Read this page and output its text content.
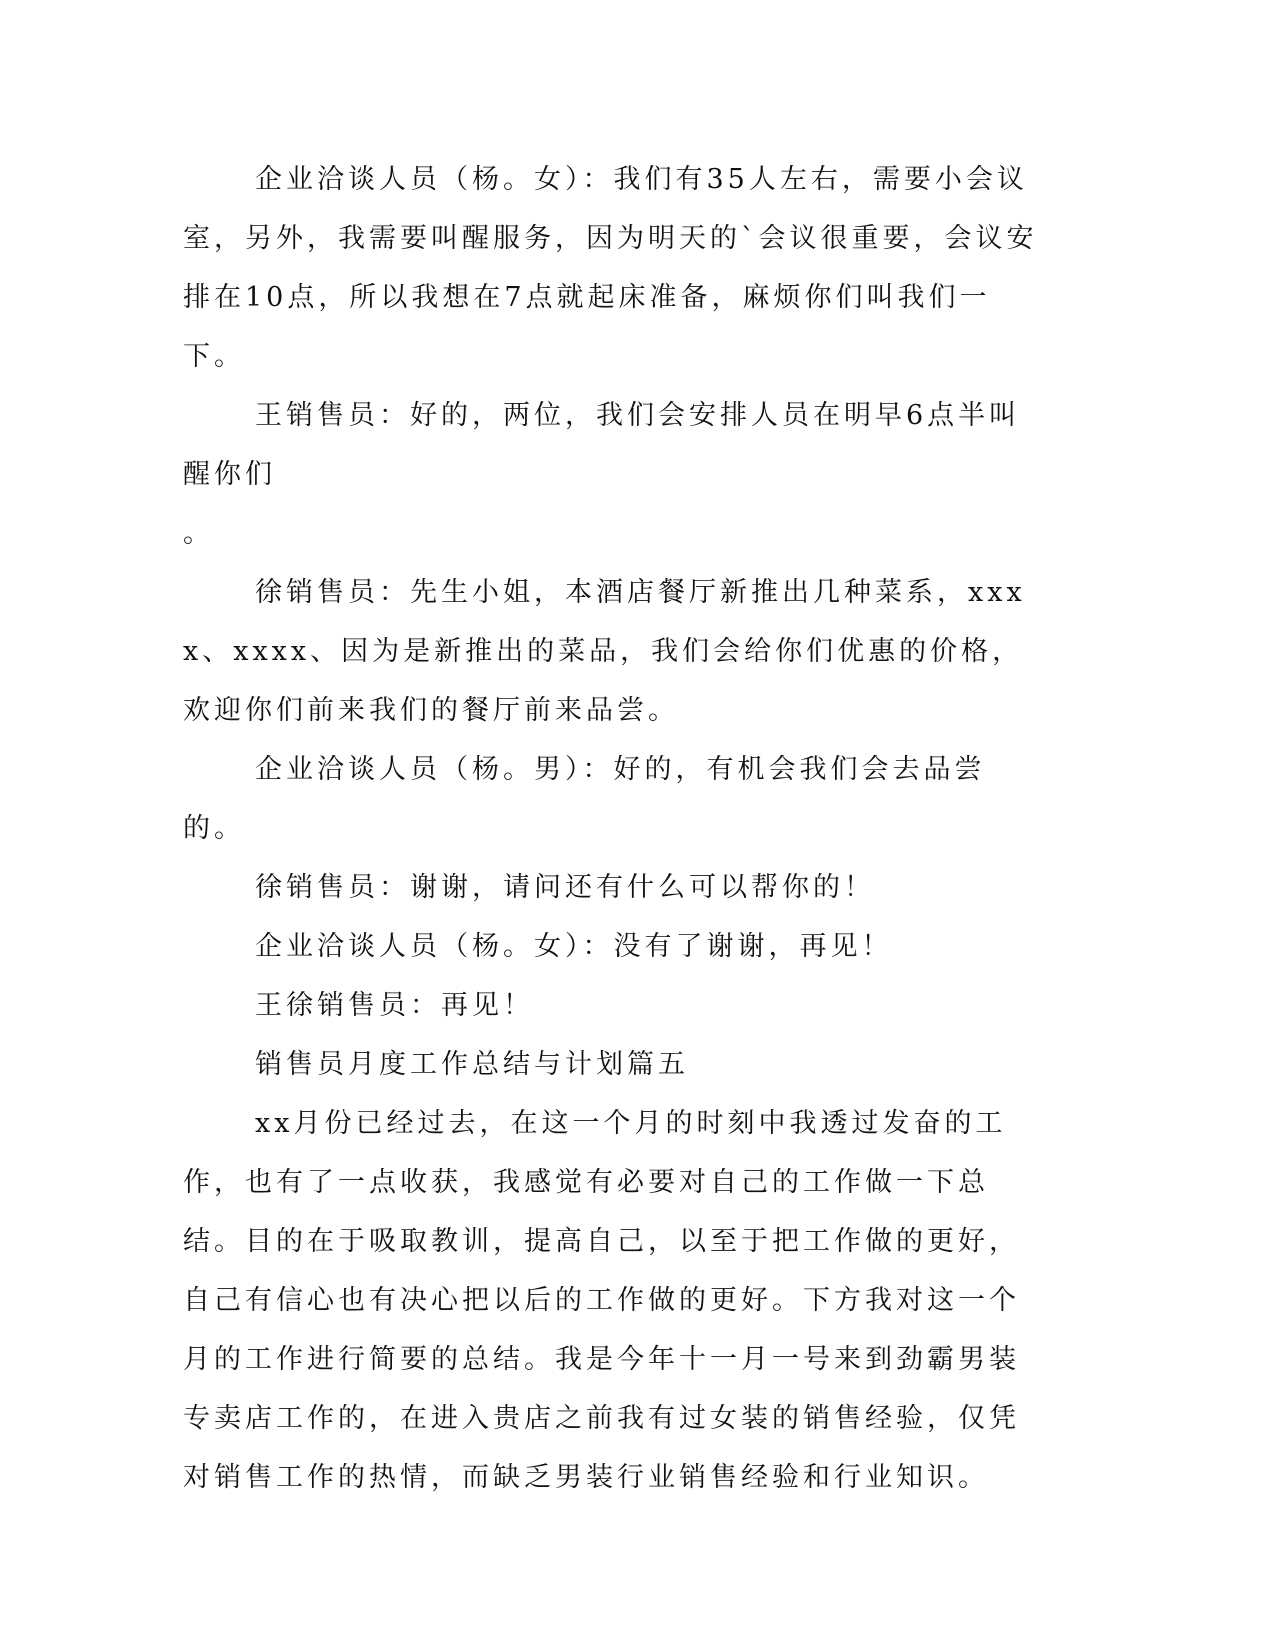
企业洽谈人员（杨。女）：我们有35人左右，需要小会议室，另外，我需要叫醒服务，因为明天的`会议很重要，会议安排在10点，所以我想在7点就起床准备，麻烦你们叫我们一下。

王销售员：好的，两位，我们会安排人员在明早6点半叫醒你们

。

徐销售员：先生小姐，本酒店餐厅新推出几种菜系，xxxx、xxxx、因为是新推出的菜品，我们会给你们优惠的价格，欢迎你们前来我们的餐厅前来品尝。

企业洽谈人员（杨。男）：好的，有机会我们会去品尝的。

徐销售员：谢谢，请问还有什么可以帮你的！

企业洽谈人员（杨。女）：没有了谢谢，再见！

王徐销售员：再见！

销售员月度工作总结与计划篇五

xx月份已经过去，在这一个月的时刻中我透过发奋的工作，也有了一点收获，我感觉有必要对自己的工作做一下总结。目的在于吸取教训，提高自己，以至于把工作做的更好，自己有信心也有决心把以后的工作做的更好。下方我对这一个月的工作进行简要的总结。我是今年十一月一号来到劲霸男装专卖店工作的，在进入贵店之前我有过女装的销售经验，仅凭对销售工作的热情，而缺乏男装行业销售经验和行业知识。
